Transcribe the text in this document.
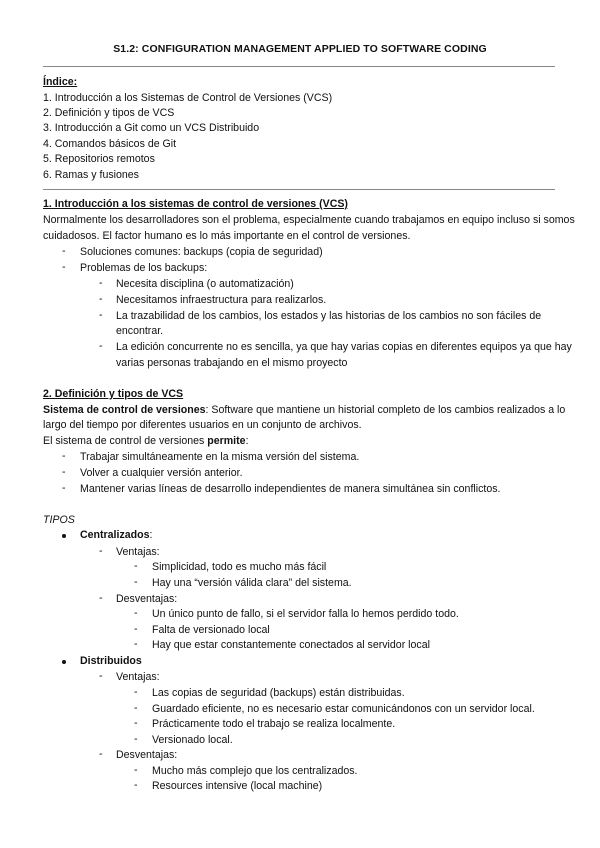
S1.2: CONFIGURATION MANAGEMENT APPLIED TO SOFTWARE CODING
Índice:
1. Introducción a los Sistemas de Control de Versiones (VCS)
2. Definición y tipos de VCS
3. Introducción a Git como un VCS Distribuido
4. Comandos básicos de Git
5. Repositorios remotos
6. Ramas y fusiones
1. Introducción a los sistemas de control de versiones (VCS)
Normalmente los desarrolladores son el problema, especialmente cuando trabajamos en equipo incluso si somos
cuidadosos. El factor humano es lo más importante en el control de versiones.
- Soluciones comunes: backups (copia de seguridad)
- Problemas de los backups:
- Necesita disciplina (o automatización)
- Necesitamos infraestructura para realizarlos.
- La trazabilidad de los cambios, los estados y las historias de los cambios no son fáciles de
encontrar.
- La edición concurrente no es sencilla, ya que hay varias copias en diferentes equipos ya que hay
varias personas trabajando en el mismo proyecto
2. Definición y tipos de VCS
Sistema de control de versiones: Software que mantiene un historial completo de los cambios realizados a lo
largo del tiempo por diferentes usuarios en un conjunto de archivos.
El sistema de control de versiones permite:
- Trabajar simultáneamente en la misma versión del sistema.
- Volver a cualquier versión anterior.
- Mantener varias líneas de desarrollo independientes de manera simultánea sin conflictos.
TIPOS
Centralizados:
- Ventajas:
- Simplicidad, todo es mucho más fácil
- Hay una “versión válida clara” del sistema.
- Desventajas:
- Un único punto de fallo, si el servidor falla lo hemos perdido todo.
- Falta de versionado local
- Hay que estar constantemente conectados al servidor local
Distribuidos
- Ventajas:
- Las copias de seguridad (backups) están distribuidas.
- Guardado eficiente, no es necesario estar comunicándonos con un servidor local.
- Prácticamente todo el trabajo se realiza localmente.
- Versionado local.
- Desventajas:
- Mucho más complejo que los centralizados.
- Resources intensive (local machine)
